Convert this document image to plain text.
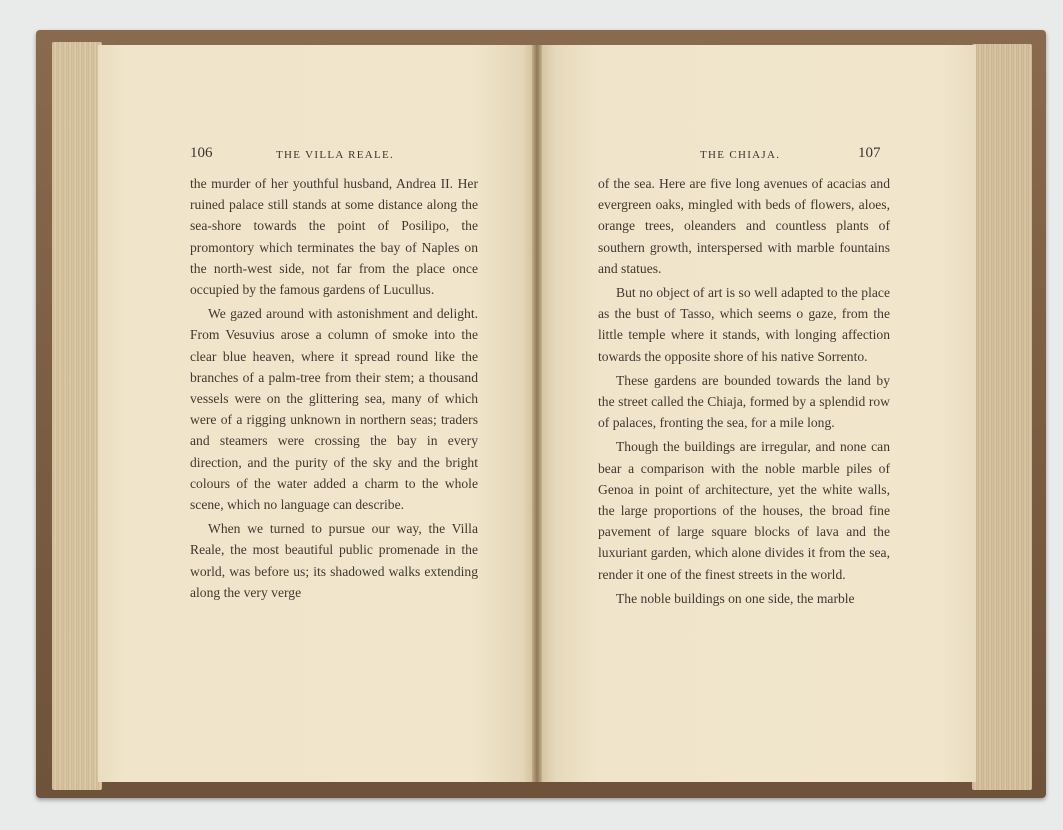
106	THE VILLA REALE.

the murder of her youthful husband, Andrea II. Her ruined palace still stands at some distance along the sea-shore towards the point of Posilipo, the promontory which terminates the bay of Naples on the north-west side, not far from the place once occupied by the famous gardens of Lucullus.

We gazed around with astonishment and delight. From Vesuvius arose a column of smoke into the clear blue heaven, where it spread round like the branches of a palm-tree from their stem; a thousand vessels were on the glittering sea, many of which were of a rigging unknown in northern seas; traders and steamers were crossing the bay in every direction, and the purity of the sky and the bright colours of the water added a charm to the whole scene, which no language can describe.

When we turned to pursue our way, the Villa Reale, the most beautiful public promenade in the world, was before us; its shadowed walks extending along the very verge

THE CHIAJA.	107

of the sea. Here are five long avenues of acacias and evergreen oaks, mingled with beds of flowers, aloes, orange trees, oleanders and countless plants of southern growth, interspersed with marble fountains and statues.

But no object of art is so well adapted to the place as the bust of Tasso, which seems o gaze, from the little temple where it stands, with longing affection towards the opposite shore of his native Sorrento.

These gardens are bounded towards the land by the street called the Chiaja, formed by a splendid row of palaces, fronting the sea, for a mile long.

Though the buildings are irregular, and none can bear a comparison with the noble marble piles of Genoa in point of architecture, yet the white walls, the large proportions of the houses, the broad fine pavement of large square blocks of lava and the luxuriant garden, which alone divides it from the sea, render it one of the finest streets in the world.

The noble buildings on one side, the marble
